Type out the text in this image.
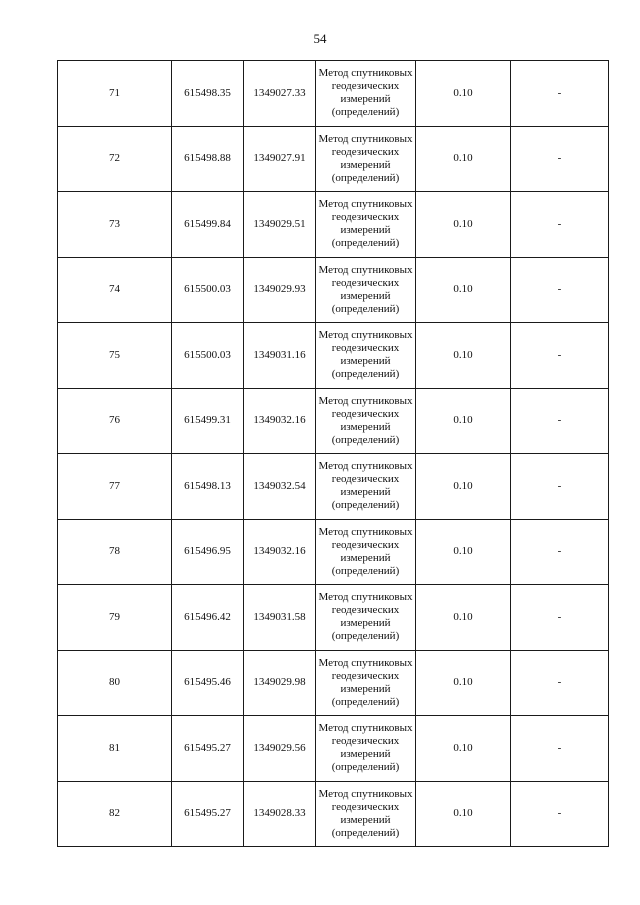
54
71	615498.35	1349027.33	Метод спутниковых геодезических измерений (определений)	0.10	-
72	615498.88	1349027.91	Метод спутниковых геодезических измерений (определений)	0.10	-
73	615499.84	1349029.51	Метод спутниковых геодезических измерений (определений)	0.10	-
74	615500.03	1349029.93	Метод спутниковых геодезических измерений (определений)	0.10	-
75	615500.03	1349031.16	Метод спутниковых геодезических измерений (определений)	0.10	-
76	615499.31	1349032.16	Метод спутниковых геодезических измерений (определений)	0.10	-
77	615498.13	1349032.54	Метод спутниковых геодезических измерений (определений)	0.10	-
78	615496.95	1349032.16	Метод спутниковых геодезических измерений (определений)	0.10	-
79	615496.42	1349031.58	Метод спутниковых геодезических измерений (определений)	0.10	-
80	615495.46	1349029.98	Метод спутниковых геодезических измерений (определений)	0.10	-
81	615495.27	1349029.56	Метод спутниковых геодезических измерений (определений)	0.10	-
82	615495.27	1349028.33	Метод спутниковых геодезических измерений (определений)	0.10	-
